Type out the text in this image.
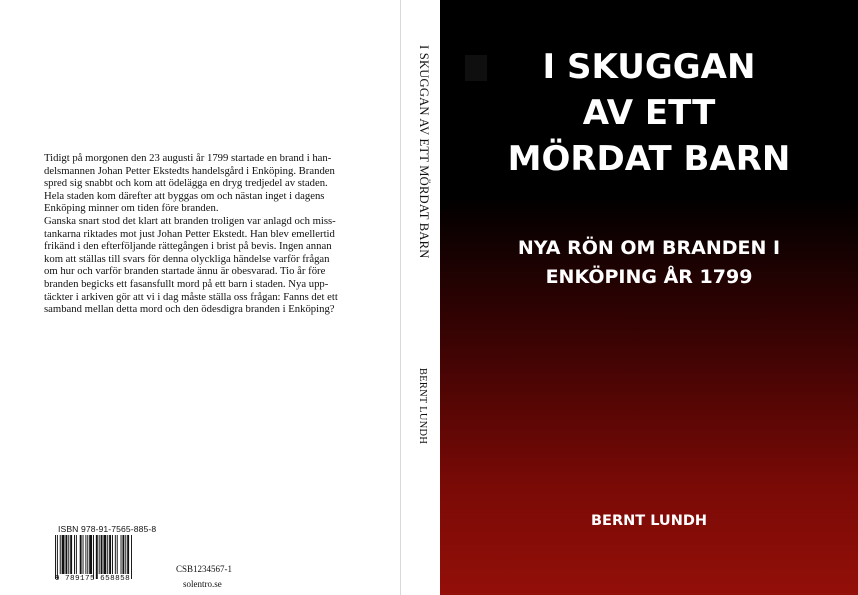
Tidigt på morgonen den 23 augusti år 1799 startade en brand i han-

delsmannen Johan Petter Ekstedts handelsgård i Enköping. Branden

spred sig snabbt och kom att ödelägga en dryg tredjedel av staden.

Hela staden kom därefter att byggas om och nästan inget i dagens

Enköping minner om tiden före branden.

Ganska snart stod det klart att branden troligen var anlagd och miss-

tankarna riktades mot just Johan Petter Ekstedt. Han blev emellertid

frikänd i den efterföljande rättegången i brist på bevis. Ingen annan

kom att ställas till svars för denna olyckliga händelse varför frågan

om hur och varför branden startade ännu är obesvarad. Tio år före

branden begicks ett fasansfullt mord på ett barn i staden. Nya upp-

täckter i arkiven gör att vi i dag måste ställa oss frågan: Fanns det ett

samband mellan detta mord och den ödesdigra branden i Enköping?

ISBN 978-91-7565-885-8
9 789175 658858
CSB1234567-1
solentro.se
I SKUGGAN AV ETT MÖRDAT BARN
BERNT LUNDH
I SKUGGAN
AV ETT
MÖRDAT BARN
NYA RÖN OM BRANDEN I
ENKÖPING ÅR 1799
BERNT LUNDH
